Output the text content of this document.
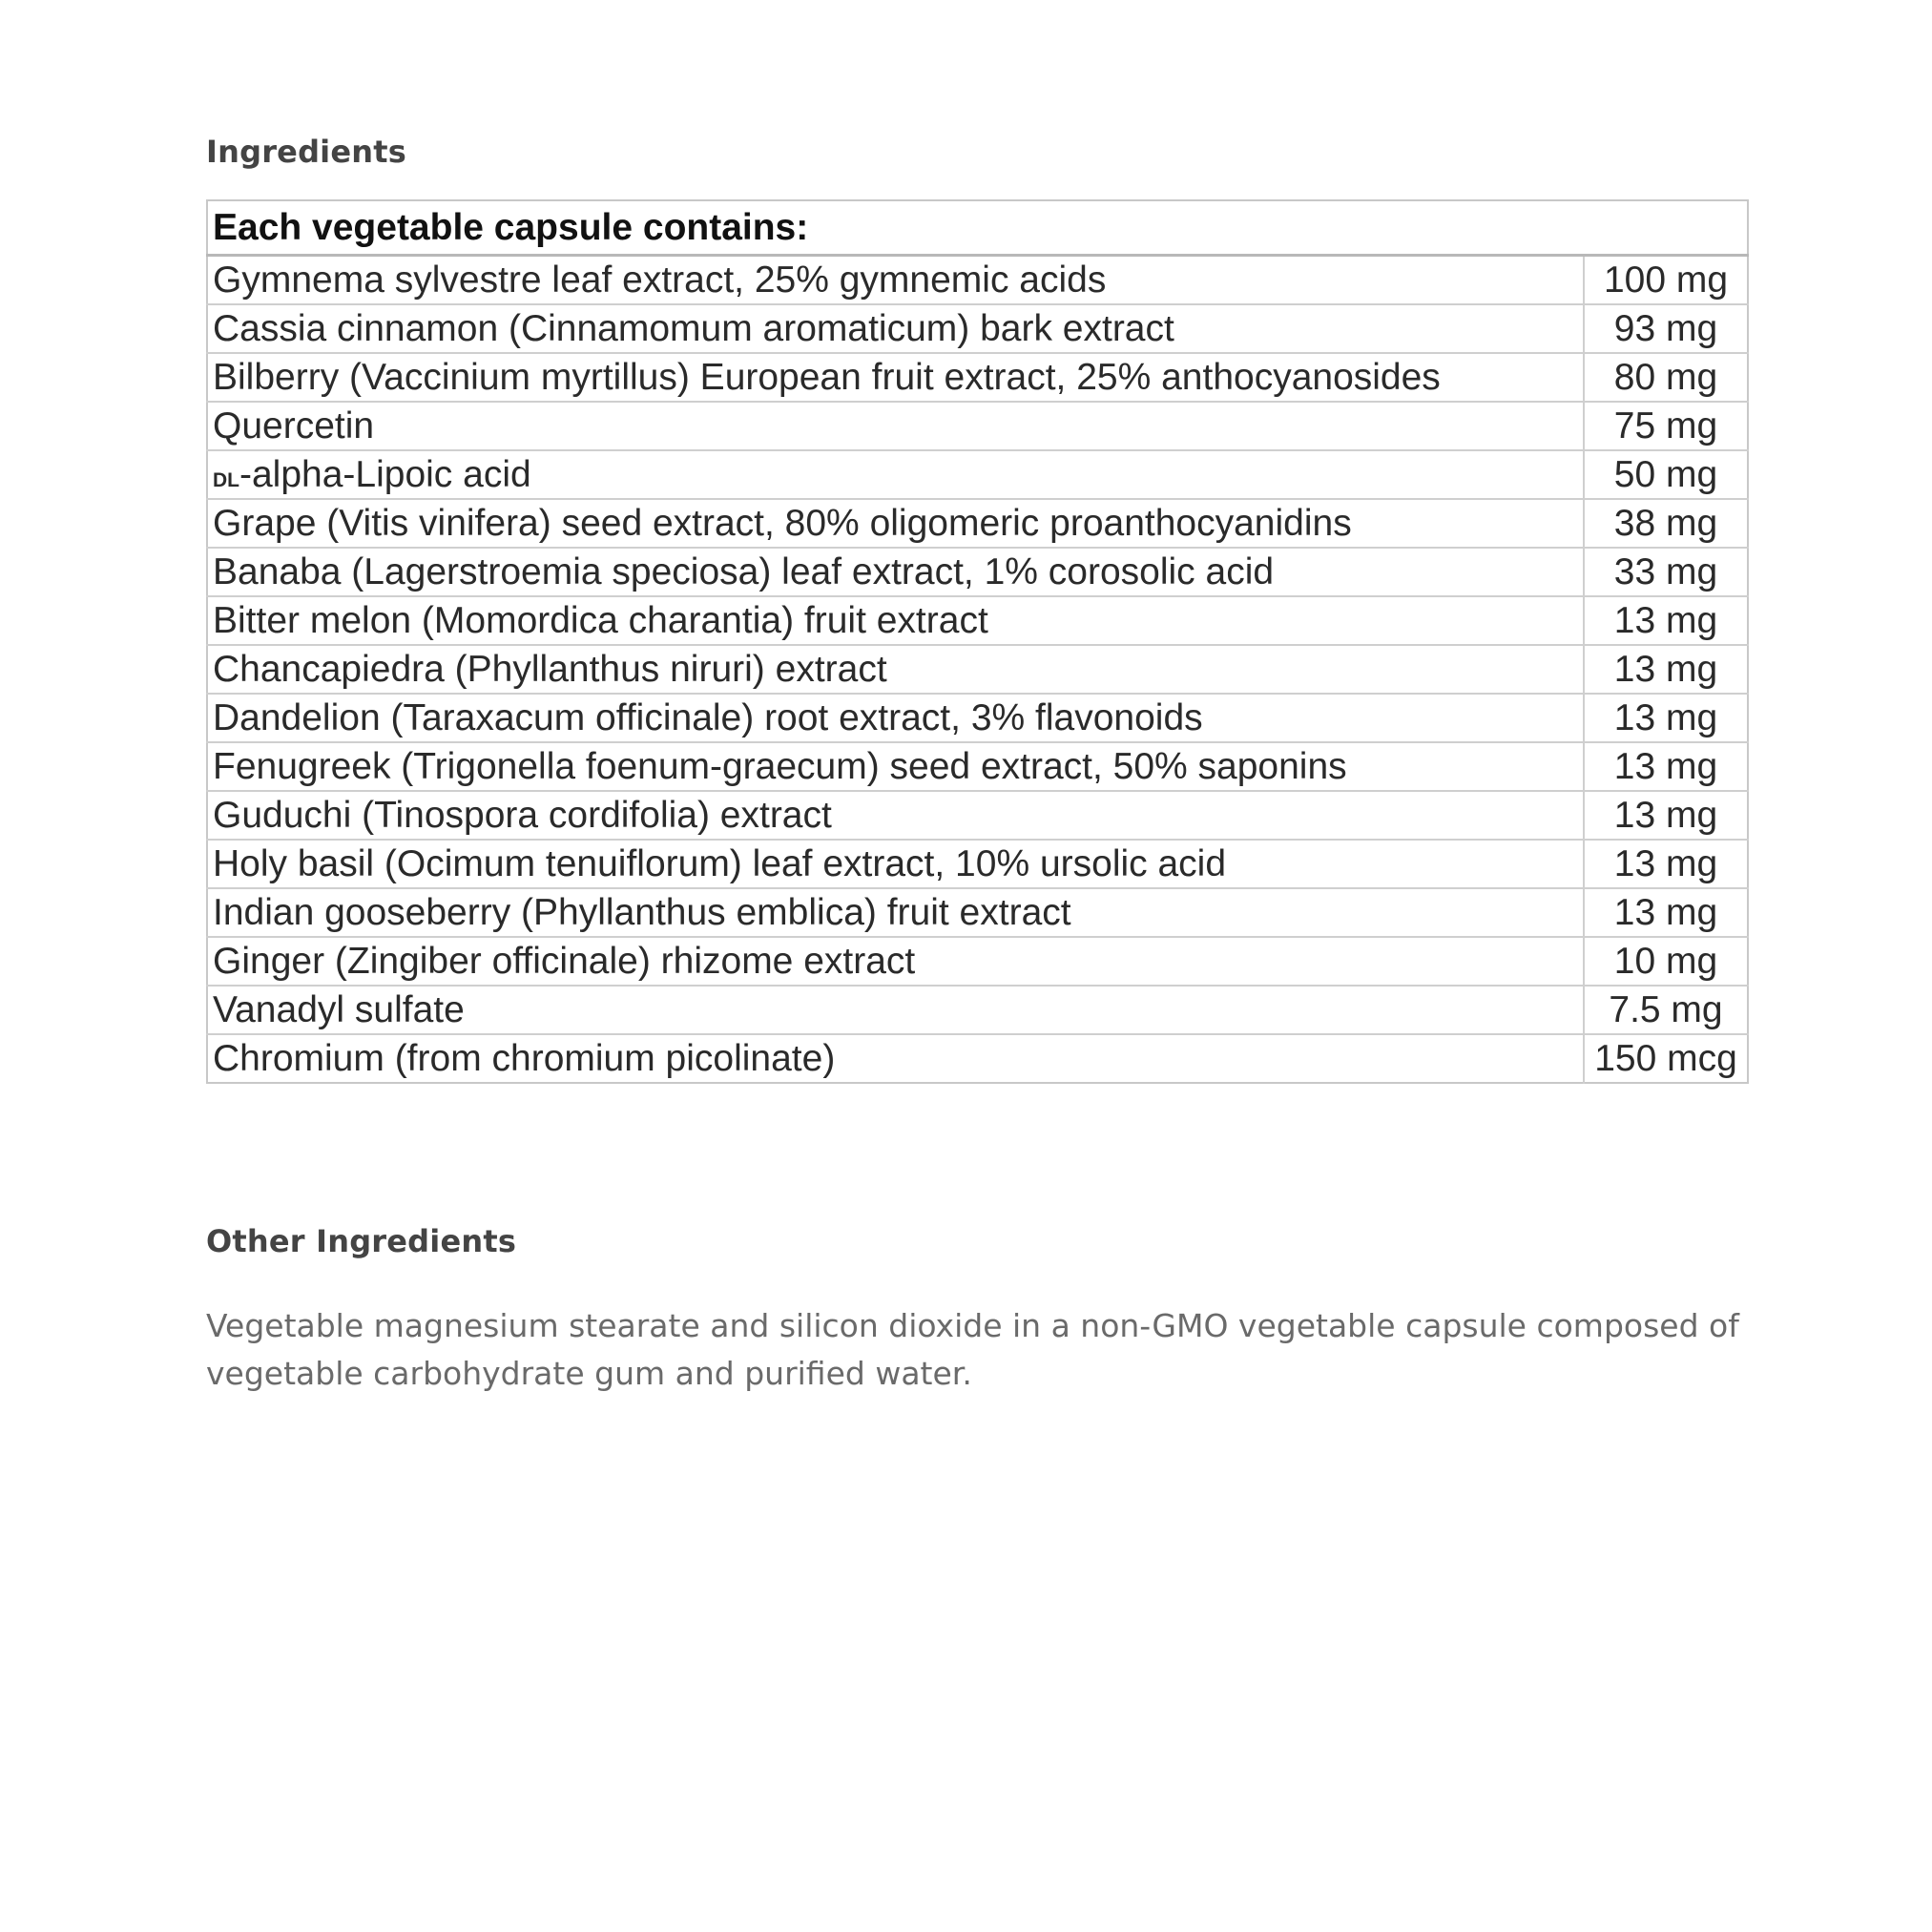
Ingredients
Each vegetable capsule contains:	
Gymnema sylvestre leaf extract, 25% gymnemic acids	100 mg
Cassia cinnamon (Cinnamomum aromaticum) bark extract	93 mg
Bilberry (Vaccinium myrtillus) European fruit extract, 25% anthocyanosides	80 mg
Quercetin	75 mg
dl-alpha-Lipoic acid	50 mg
Grape (Vitis vinifera) seed extract, 80% oligomeric proanthocyanidins	38 mg
Banaba (Lagerstroemia speciosa) leaf extract, 1% corosolic acid	33 mg
Bitter melon (Momordica charantia) fruit extract	13 mg
Chancapiedra (Phyllanthus niruri) extract	13 mg
Dandelion (Taraxacum officinale) root extract, 3% flavonoids	13 mg
Fenugreek (Trigonella foenum-graecum) seed extract, 50% saponins	13 mg
Guduchi (Tinospora cordifolia) extract	13 mg
Holy basil (Ocimum tenuiflorum) leaf extract, 10% ursolic acid	13 mg
Indian gooseberry (Phyllanthus emblica) fruit extract	13 mg
Ginger (Zingiber officinale) rhizome extract	10 mg
Vanadyl sulfate	7.5 mg
Chromium (from chromium picolinate)	150 mcg
Other Ingredients

Vegetable magnesium stearate and silicon dioxide in a non-GMO vegetable capsule composed of vegetable carbohydrate gum and purified water.
